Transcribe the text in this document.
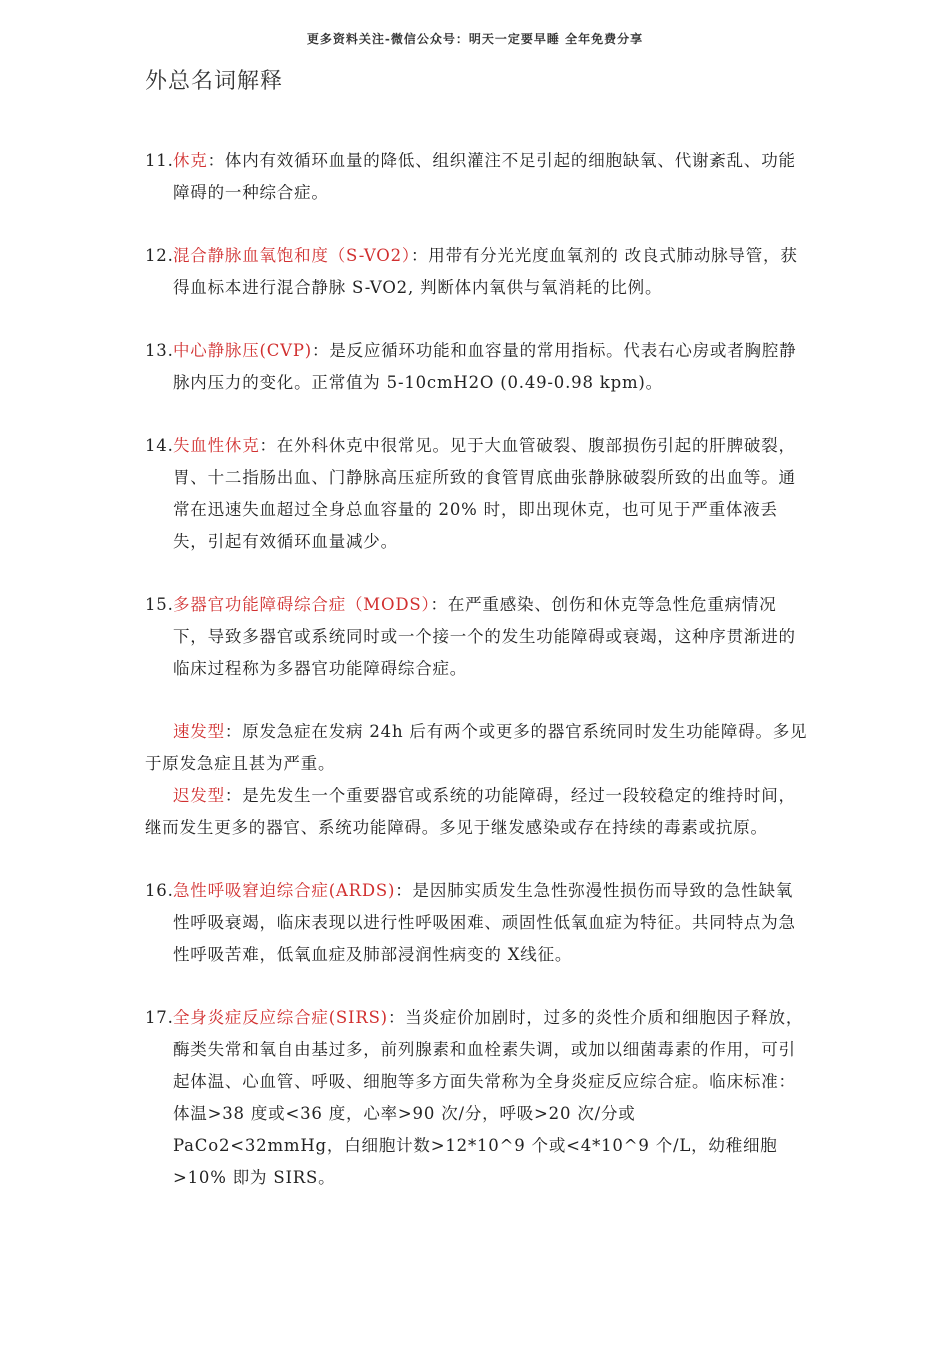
更多资料关注-微信公众号：明天一定要早睡 全年免费分享
外总名词解释
11. 休克：体内有效循环血量的降低、组织灌注不足引起的细胞缺氧、代谢紊乱、功能障碍的一种综合症。
12. 混合静脉血氧饱和度（S-VO2）：用带有分光光度血氧剂的 改良式肺动脉导管，获得血标本进行混合静脉 S-VO2, 判断体内氧供与氧消耗的比例。
13. 中心静脉压(CVP)：是反应循环功能和血容量的常用指标。代表右心房或者胸腔静脉内压力的变化。正常值为 5-10cmH2O (0.49-0.98 kpm)。
14. 失血性休克：在外科休克中很常见。见于大血管破裂、腹部损伤引起的肝脾破裂，胃、十二指肠出血、门静脉高压症所致的食管胃底曲张静脉破裂所致的出血等。通常在迅速失血超过全身总血容量的 20% 时，即出现休克，也可见于严重体液丢失，引起有效循环血量减少。
15. 多器官功能障碍综合症（MODS）：在严重感染、创伤和休克等急性危重病情况下，导致多器官或系统同时或一个接一个的发生功能障碍或衰竭，这种序贯渐进的临床过程称为多器官功能障碍综合症。
速发型：原发急症在发病 24h 后有两个或更多的器官系统同时发生功能障碍。多见于原发急症且甚为严重。
迟发型：是先发生一个重要器官或系统的功能障碍，经过一段较稳定的维持时间，继而发生更多的器官、系统功能障碍。多见于继发感染或存在持续的毒素或抗原。
16. 急性呼吸窘迫综合症(ARDS)：是因肺实质发生急性弥漫性损伤而导致的急性缺氧性呼吸衰竭，临床表现以进行性呼吸困难、顽固性低氧血症为特征。共同特点为急性呼吸苦难，低氧血症及肺部浸润性病变的 X线征。
17. 全身炎症反应综合症(SIRS)：当炎症价加剧时，过多的炎性介质和细胞因子释放，酶类失常和氧自由基过多，前列腺素和血栓素失调，或加以细菌毒素的作用，可引起体温、心血管、呼吸、细胞等多方面失常称为全身炎症反应综合症。临床标准：体温>38 度或<36 度，心率>90 次/分，呼吸>20 次/分或 PaCo2<32mmHg，白细胞计数>12*10^9 个或<4*10^9 个/L，幼稚细胞>10% 即为 SIRS。
